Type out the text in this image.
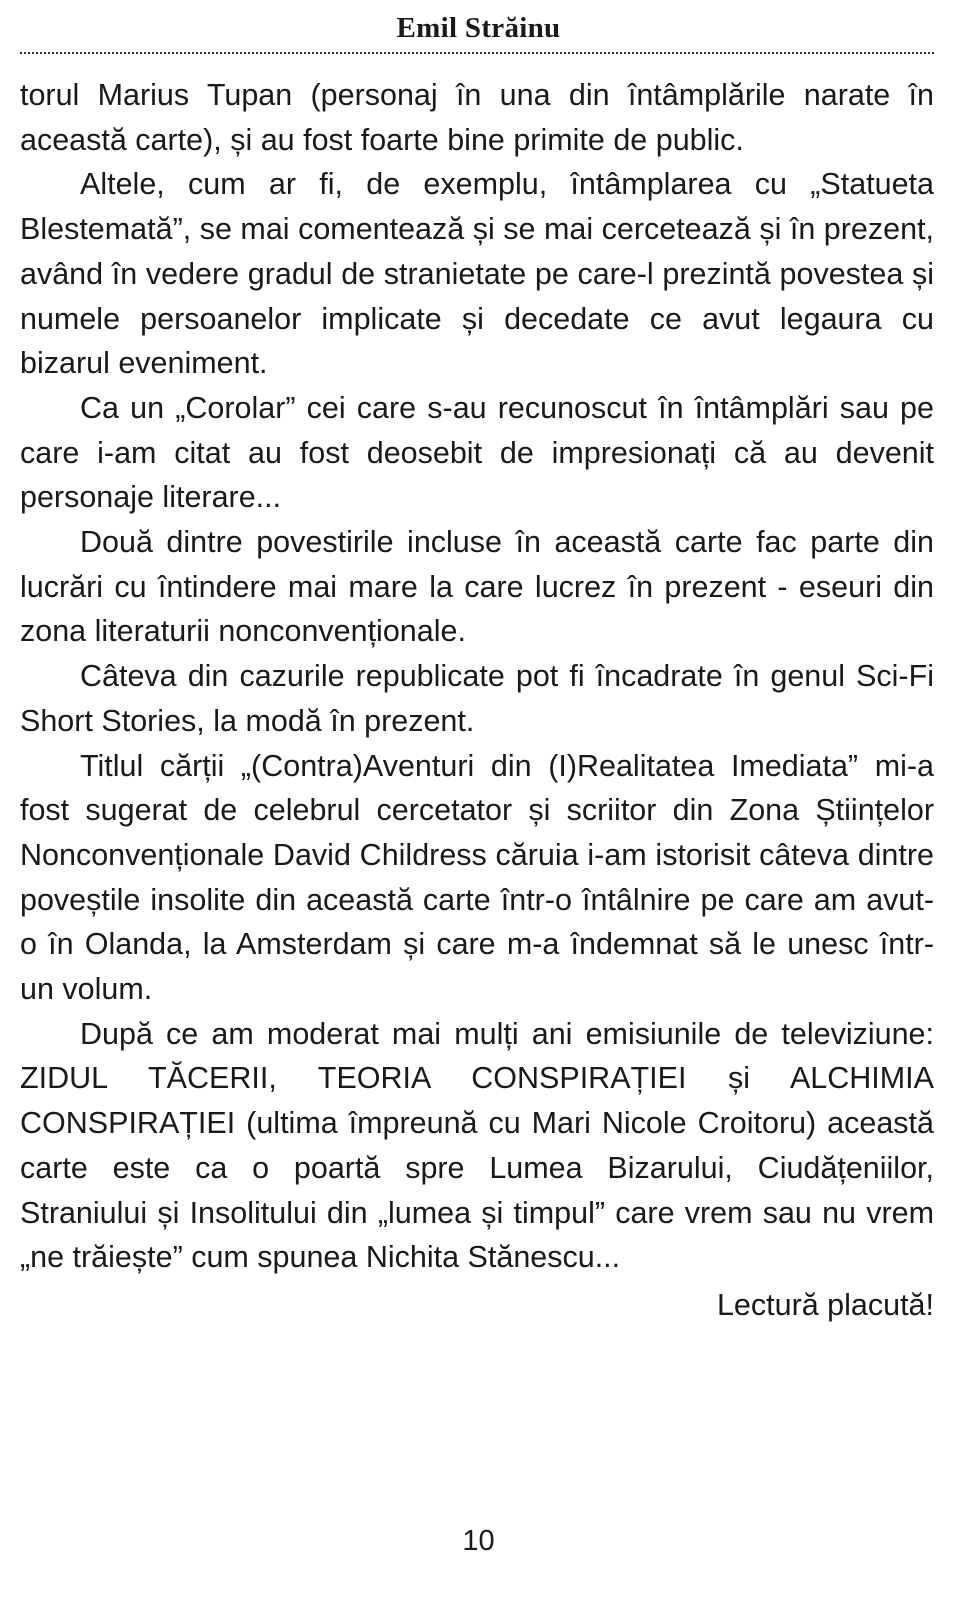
Emil Străinu

torul Marius Tupan (personaj în una din întâmplările narate în această carte), și au fost foarte bine primite de public.

Altele, cum ar fi, de exemplu, întâmplarea cu „Statueta Blestemată”, se mai comentează și se mai cercetează și în prezent, având în vedere gradul de stranietate pe care-l prezintă povestea și numele persoanelor implicate și decedate ce avut legaura cu bizarul eveniment.

Ca un „Corolar” cei care s-au recunoscut în întâmplări sau pe care i-am citat au fost deosebit de impresionați că au devenit personaje literare...

Două dintre povestirile incluse în această carte fac parte din lucrări cu întindere mai mare la care lucrez în prezent - eseuri din zona literaturii nonconvenționale.

Câteva din cazurile republicate pot fi încadrate în genul Sci-Fi Short Stories, la modă în prezent.

Titlul cărții „(Contra)Aventuri din (I)Realitatea Imediata” mi-a fost sugerat de celebrul cercetator și scriitor din Zona Științelor Nonconvenționale David Childress căruia i-am istorisit câteva dintre poveștile insolite din această carte într-o întâlnire pe care am avut-o în Olanda, la Amsterdam și care m-a îndemnat să le unesc într-un volum.

După ce am moderat mai mulți ani emisiunile de televiziune: ZIDUL TĂCERII, TEORIA CONSPIRAȚIEI și ALCHIMIA CONSPIRAȚIEI (ultima împreună cu Mari Nicole Croitoru) această carte este ca o poartă spre Lumea Bizarului, Ciudățeniilor, Straniului și Insolitului din „lumea și timpul” care vrem sau nu vrem „ne trăiește” cum spunea Nichita Stănescu...

Lectură placută!

10
